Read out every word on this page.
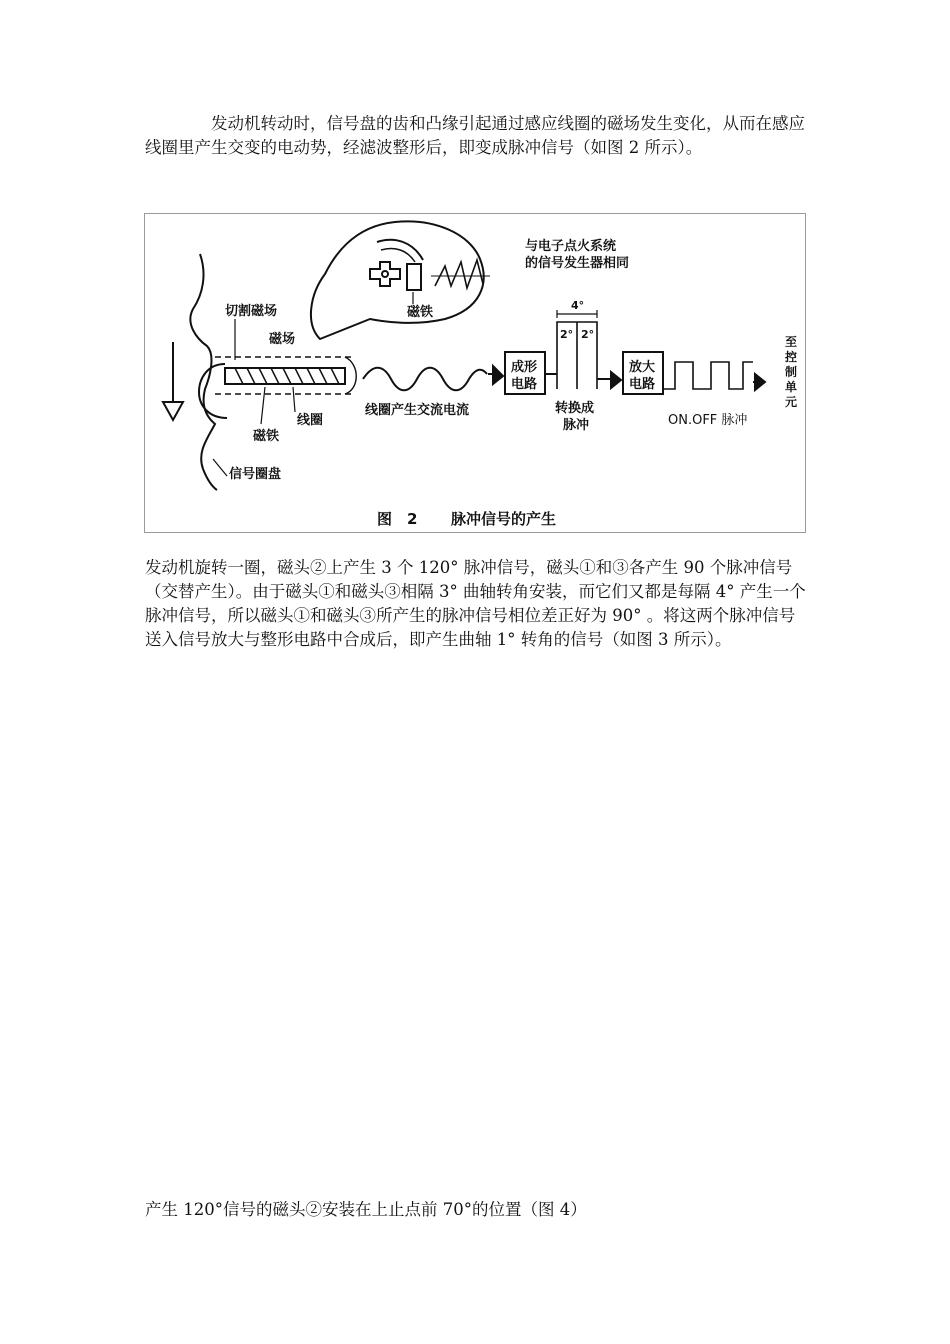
发动机转动时，信号盘的齿和凸缘引起通过感应线圈的磁场发生变化，从而在感应线圈里产生交变的电动势，经滤波整形后，即变成脉冲信号（如图 2 所示）。

与电子点火系统
的信号发生器相同
切割磁场
磁场
磁铁
线圈
磁铁
信号圈盘
线圈产生交流电流
成形
电路
4°
2° 2°
转换成
脉冲
放大
电路
ON.OFF 脉冲
至
控
制
单
元
图　2 脉冲信号的产生

发动机旋转一圈，磁头②上产生 3 个 120° 脉冲信号，磁头①和③各产生 90 个脉冲信号（交替产生）。由于磁头①和磁头③相隔 3° 曲轴转角安装，而它们又都是每隔 4° 产生一个脉冲信号，所以磁头①和磁头③所产生的脉冲信号相位差正好为 90° 。将这两个脉冲信号送入信号放大与整形电路中合成后，即产生曲轴 1° 转角的信号（如图 3 所示）。

产生 120°信号的磁头②安装在上止点前 70°的位置（图 4）
